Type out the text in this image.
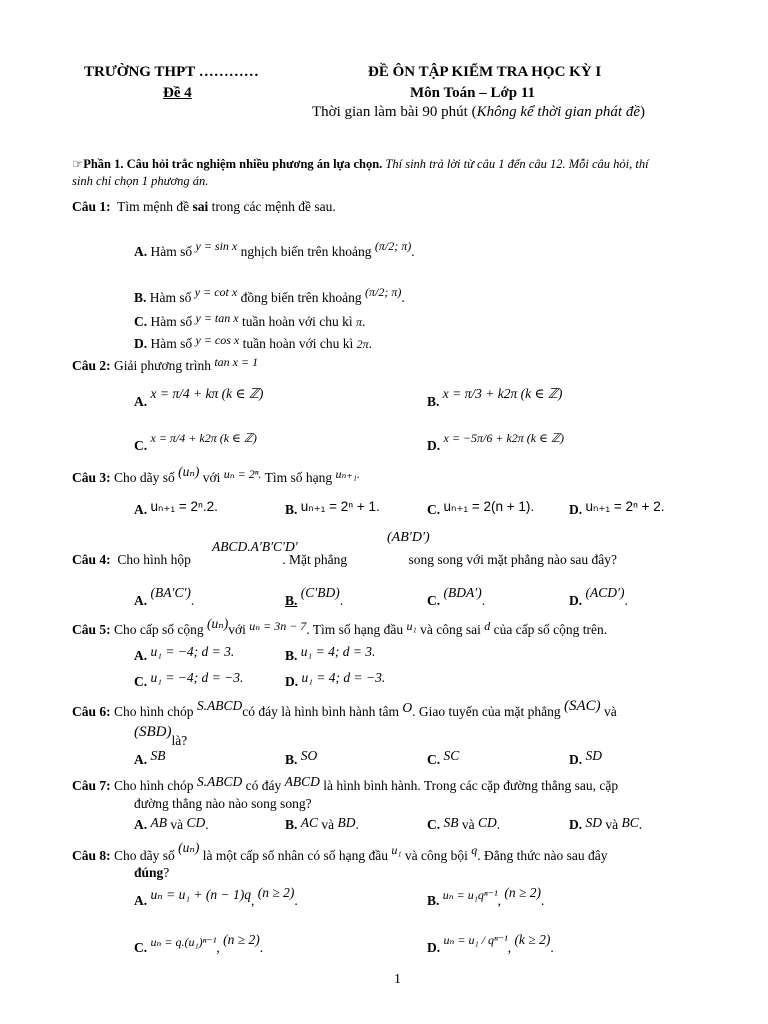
TRƯỜNG THPT …………
Đề 4
ĐỀ ÔN TẬP KIỂM TRA HỌC KỲ I
Môn Toán – Lớp 11
Thời gian làm bài 90 phút (Không kể thời gian phát đề)
☞Phần 1. Câu hỏi trắc nghiệm nhiều phương án lựa chọn. Thí sinh trả lời từ câu 1 đến câu 12. Mỗi câu hỏi, thí
sinh chỉ chọn 1 phương án.
Câu 1: Tìm mệnh đề sai trong các mệnh đề sau.
A. Hàm số y = sin x nghịch biến trên khoảng (π/2; π).
B. Hàm số y = cot x đồng biến trên khoảng (π/2; π).
C. Hàm số y = tan x tuần hoàn với chu kì π.
D. Hàm số y = cos x tuần hoàn với chu kì 2π.
Câu 2: Giải phương trình tan x = 1
A. x = π/4 + kπ (k ∈ ℤ)
B. x = π/3 + k2π (k ∈ ℤ)
C. x = π/4 + k2π (k ∈ ℤ)	D. x = −5π/6 + k2π (k ∈ ℤ)
Câu 3: Cho dãy số (uₙ) với uₙ = 2ⁿ. Tìm số hạng uₙ₊₁.
A. uₙ₊₁ = 2ⁿ.2.	B. uₙ₊₁ = 2ⁿ + 1.	C. uₙ₊₁ = 2(n + 1).	D. uₙ₊₁ = 2ⁿ + 2.
ABCD.A′B′C′D′
(AB′D′)
Câu 4: Cho hình hộp	. Mặt phẳng	song song với mặt phẳng nào sau đây?
A. (BA′C′).	B. (C′BD).	C. (BDA′).	D. (ACD′).
Câu 5: Cho cấp số cộng (uₙ)với uₙ = 3n − 7. Tìm số hạng đầu u₁ và công sai d của cấp số cộng trên.
A. u₁ = −4; d = 3.	B. u₁ = 4; d = 3.
C. u₁ = −4; d = −3.	D. u₁ = 4; d = −3.
Câu 6: Cho hình chóp S.ABCDcó đáy là hình bình hành tâm O. Giao tuyến của mặt phẳng (SAC) và
(SBD)là?
A. SB	B. SO	C. SC	D. SD
Câu 7: Cho hình chóp S.ABCD có đáy ABCD là hình bình hành. Trong các cặp đường thẳng sau, cặp
đường thẳng nào nào song song?
A. AB và CD.	B. AC và BD.	C. SB và CD.	D. SD và BC.
Câu 8: Cho dãy số (uₙ) là một cấp số nhân có số hạng đầu u₁ và công bội q. Đẳng thức nào sau đây
đúng?
A. uₙ = u₁ + (n − 1)q, (n ≥ 2).	B. uₙ = u₁qⁿ⁻¹, (n ≥ 2).
C. uₙ = q.(u₁)ⁿ⁻¹, (n ≥ 2).	D. uₙ = u₁ / qⁿ⁻¹, (k ≥ 2).
1
